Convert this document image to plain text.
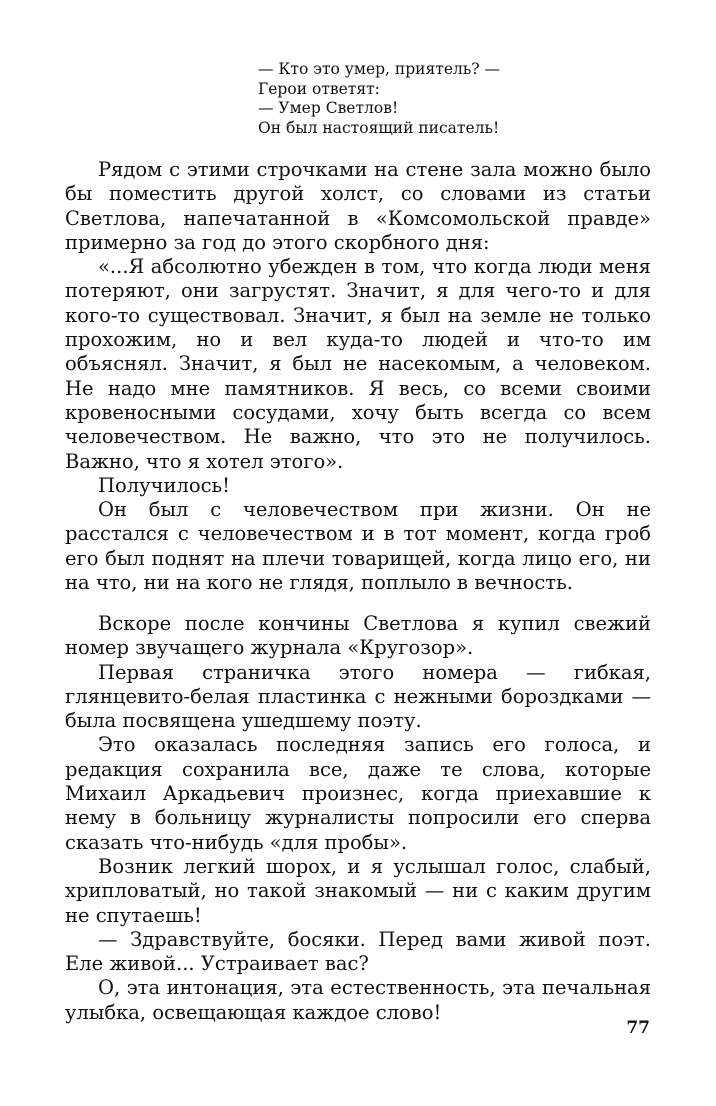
— Кто это умер, приятель? —
Герои ответят:
— Умер Светлов!
Он был настоящий писатель!

Рядом с этими строчками на стене зала можно было бы поместить другой холст, со словами из статьи Светлова, напечатанной в «Комсомольской правде» примерно за год до этого скорбного дня:

«...Я абсолютно убежден в том, что когда люди меня потеряют, они загрустят. Значит, я для чего-то и для кого-то существовал. Значит, я был на земле не только прохожим, но и вел куда-то людей и что-то им объяснял. Значит, я был не насекомым, а человеком. Не надо мне памятников. Я весь, со всеми своими кровеносными сосудами, хочу быть всегда со всем человечеством. Не важно, что это не получилось. Важно, что я хотел этого».

Получилось!

Он был с человечеством при жизни. Он не расстался с человечеством и в тот момент, когда гроб его был поднят на плечи товарищей, когда лицо его, ни на что, ни на кого не глядя, поплыло в вечность.

Вскоре после кончины Светлова я купил свежий номер звучащего журнала «Кругозор».

Первая страничка этого номера — гибкая, глянцевито-белая пластинка с нежными бороздками — была посвящена ушедшему поэту.

Это оказалась последняя запись его голоса, и редакция сохранила все, даже те слова, которые Михаил Аркадьевич произнес, когда приехавшие к нему в больницу журналисты попросили его сперва сказать что-нибудь «для пробы».

Возник легкий шорох, и я услышал голос, слабый, хрипловатый, но такой знакомый — ни с каким другим не спутаешь!

— Здравствуйте, босяки. Перед вами живой поэт. Еле живой... Устраивает вас?

О, эта интонация, эта естественность, эта печальная улыбка, освещающая каждое слово!

77
